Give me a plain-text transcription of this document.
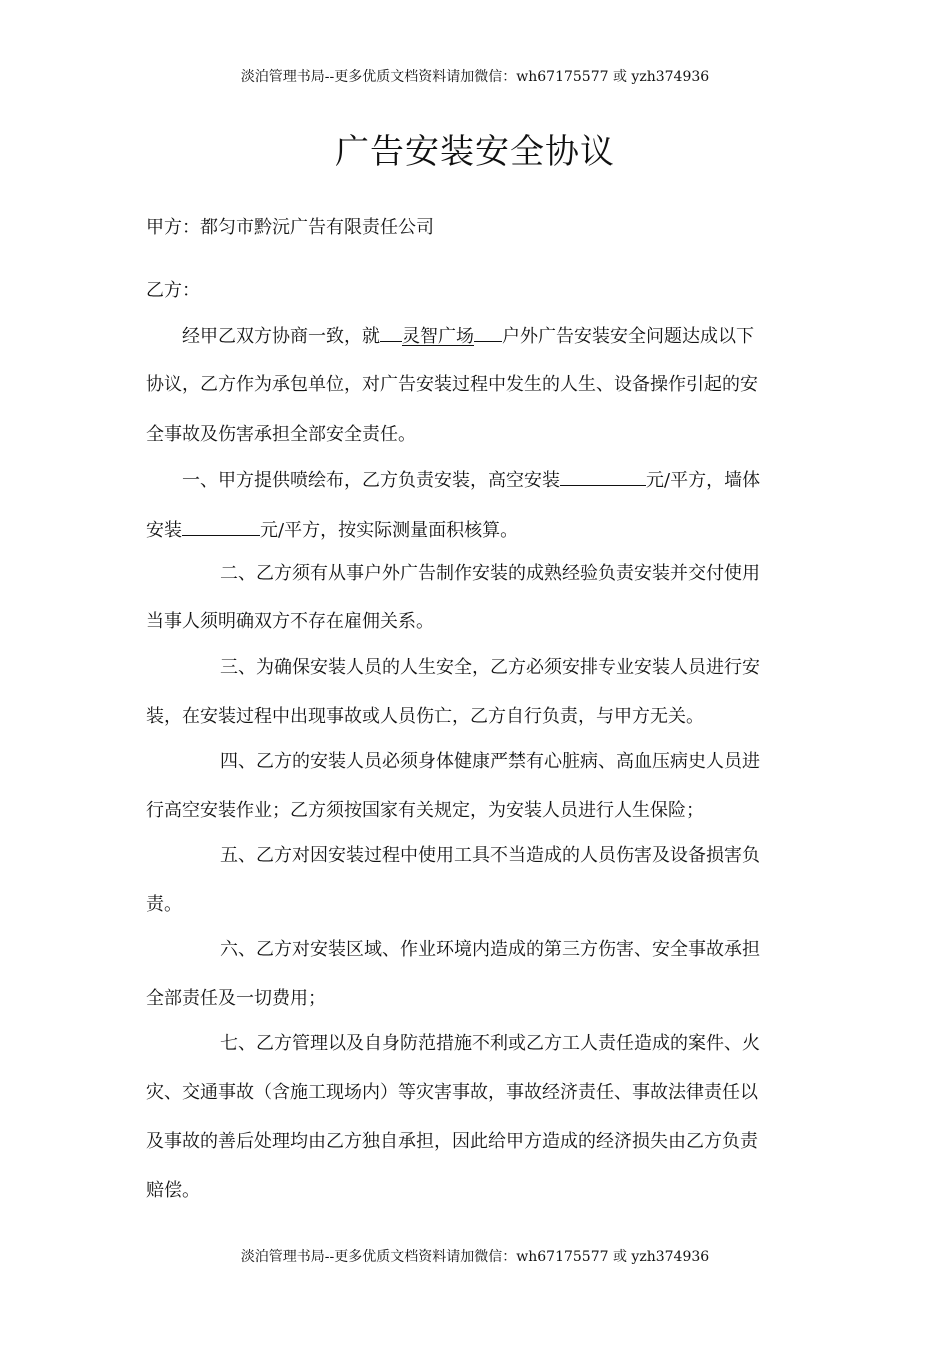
淡泊管理书局--更多优质文档资料请加微信：wh67175577 或 yzh374936
广告安装安全协议
甲方：都匀市黔沅广告有限责任公司
乙方：
经甲乙双方协商一致，就 灵智广场 户外广告安装安全问题达成以下
协议，乙方作为承包单位，对广告安装过程中发生的人生、设备操作引起的安
全事故及伤害承担全部安全责任。
一、甲方提供喷绘布，乙方负责安装，高空安装	元/平方，墙体
安装	元/平方，按实际测量面积核算。
二、乙方须有从事户外广告制作安装的成熟经验负责安装并交付使用
当事人须明确双方不存在雇佣关系。
三、为确保安装人员的人生安全，乙方必须安排专业安装人员进行安
装，在安装过程中出现事故或人员伤亡，乙方自行负责，与甲方无关。
四、乙方的安装人员必须身体健康严禁有心脏病、高血压病史人员进
行高空安装作业；乙方须按国家有关规定，为安装人员进行人生保险；
五、乙方对因安装过程中使用工具不当造成的人员伤害及设备损害负
责。
六、乙方对安装区域、作业环境内造成的第三方伤害、安全事故承担
全部责任及一切费用；
七、乙方管理以及自身防范措施不利或乙方工人责任造成的案件、火
灾、交通事故（含施工现场内）等灾害事故，事故经济责任、事故法律责任以
及事故的善后处理均由乙方独自承担，因此给甲方造成的经济损失由乙方负责
赔偿。
淡泊管理书局--更多优质文档资料请加微信：wh67175577 或 yzh374936
